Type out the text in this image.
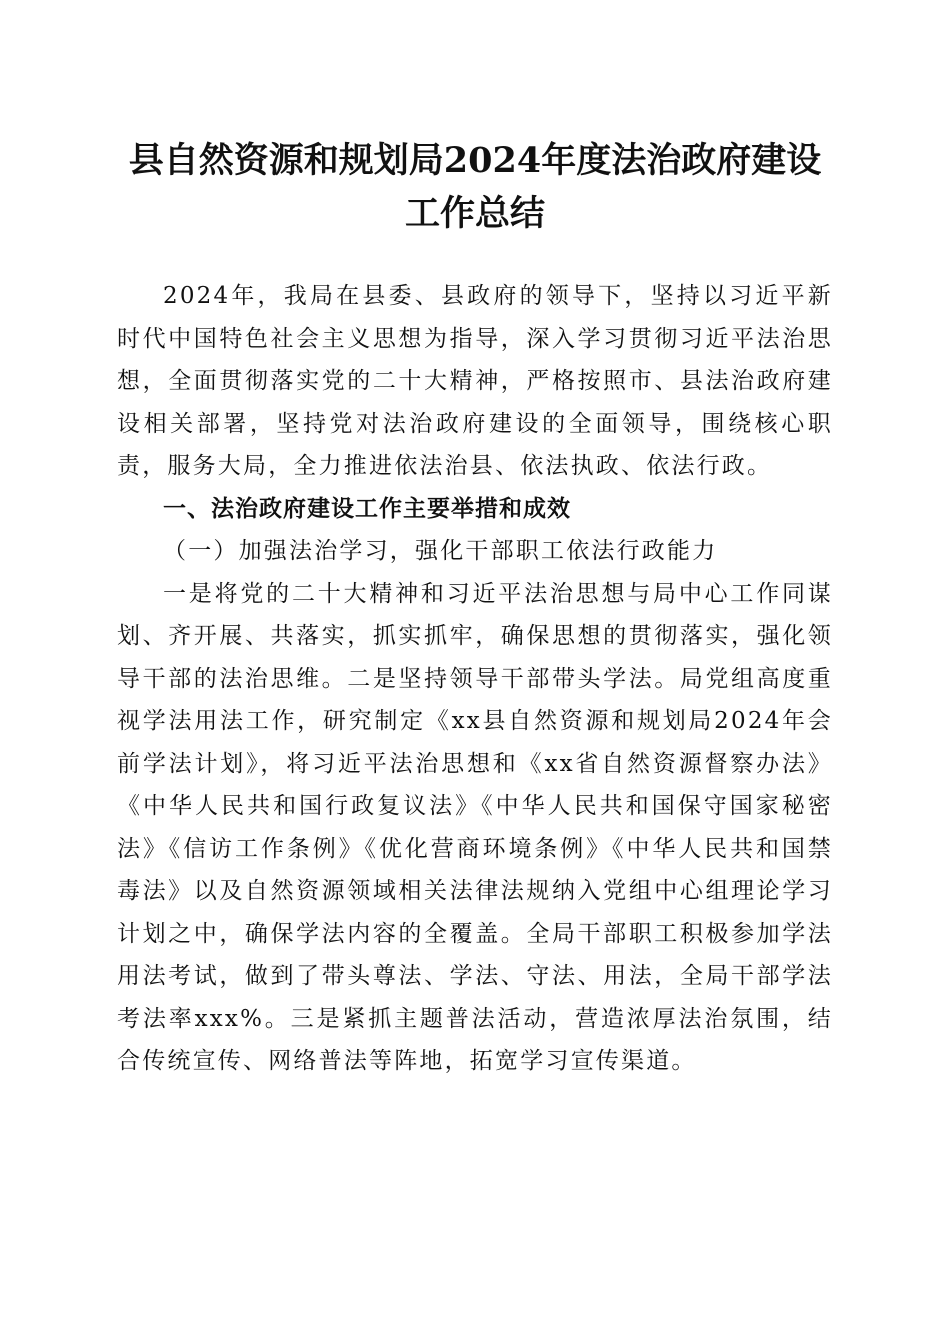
县自然资源和规划局2024年度法治政府建设工作总结

2024年，我局在县委、县政府的领导下，坚持以习近平新时代中国特色社会主义思想为指导，深入学习贯彻习近平法治思想，全面贯彻落实党的二十大精神，严格按照市、县法治政府建设相关部署，坚持党对法治政府建设的全面领导，围绕核心职责，服务大局，全力推进依法治县、依法执政、依法行政。

一、法治政府建设工作主要举措和成效

（一）加强法治学习，强化干部职工依法行政能力

一是将党的二十大精神和习近平法治思想与局中心工作同谋划、齐开展、共落实，抓实抓牢，确保思想的贯彻落实，强化领导干部的法治思维。二是坚持领导干部带头学法。局党组高度重视学法用法工作，研究制定《xx县自然资源和规划局2024年会前学法计划》，将习近平法治思想和《xx省自然资源督察办法》《中华人民共和国行政复议法》《中华人民共和国保守国家秘密法》《信访工作条例》《优化营商环境条例》《中华人民共和国禁毒法》以及自然资源领域相关法律法规纳入党组中心组理论学习计划之中，确保学法内容的全覆盖。全局干部职工积极参加学法用法考试，做到了带头尊法、学法、守法、用法，全局干部学法考法率xxx%。三是紧抓主题普法活动，营造浓厚法治氛围，结合传统宣传、网络普法等阵地，拓宽学习宣传渠道。
